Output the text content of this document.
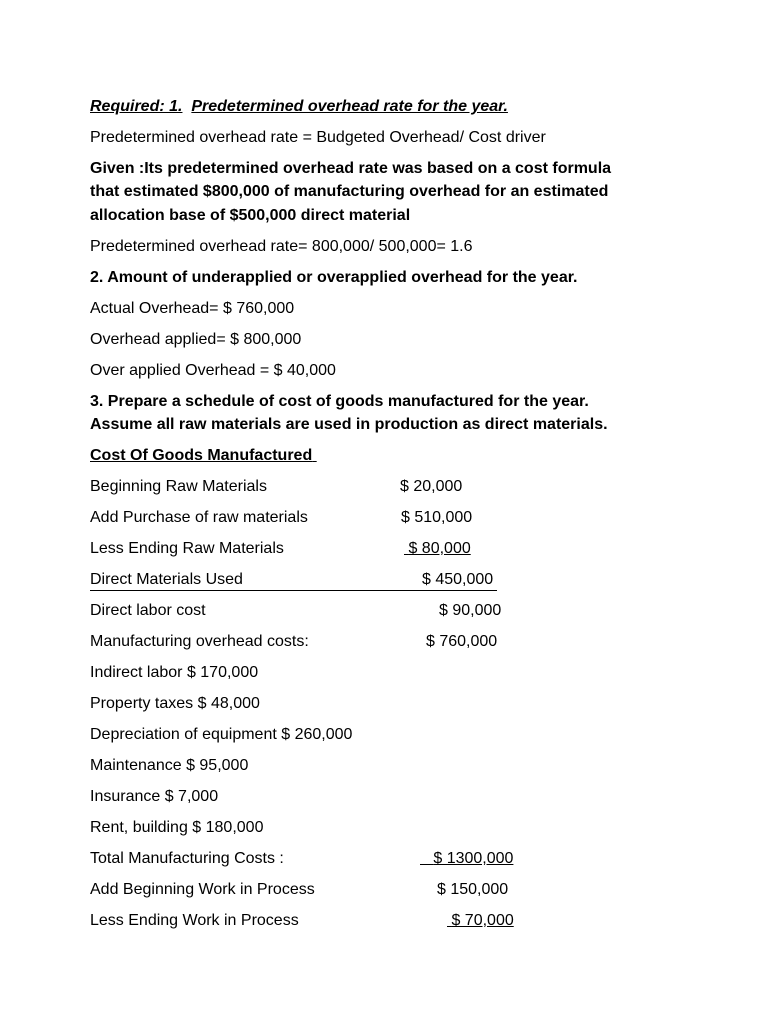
Required: 1. Predetermined overhead rate for the year.
Predetermined overhead rate = Budgeted Overhead/ Cost driver
Given :Its predetermined overhead rate was based on a cost formula
that estimated $800,000 of manufacturing overhead for an estimated
allocation base of $500,000 direct material
Predetermined overhead rate= 800,000/ 500,000= 1.6
2. Amount of underapplied or overapplied overhead for the year.
Actual Overhead= $ 760,000
Overhead applied= $ 800,000
Over applied Overhead = $ 40,000
3. Prepare a schedule of cost of goods manufactured for the year.
Assume all raw materials are used in production as direct materials.
Cost Of Goods Manufactured
Beginning Raw Materials	$ 20,000
Add Purchase of raw materials	$ 510,000
Less Ending Raw Materials	$ 80,000
Direct Materials Used	$ 450,000
Direct labor cost	$ 90,000
Manufacturing overhead costs:	$ 760,000
Indirect labor $ 170,000
Property taxes $ 48,000
Depreciation of equipment $ 260,000
Maintenance $ 95,000
Insurance $ 7,000
Rent, building $ 180,000
Total Manufacturing Costs :	$ 1300,000
Add Beginning Work in Process	$ 150,000
Less Ending Work in Process	$ 70,000
